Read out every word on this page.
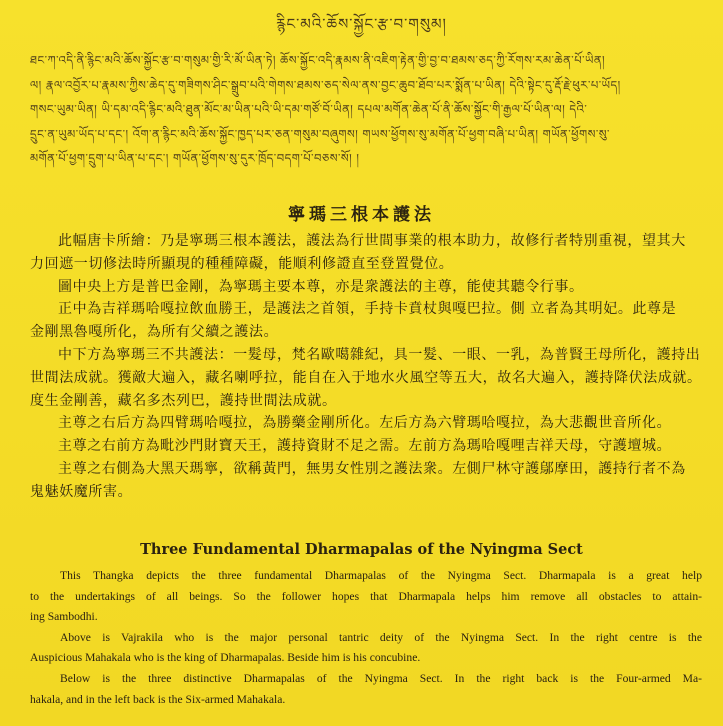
རྙིང་མའི་ཆོས་སྐྱོང་རྩ་བ་གསུམ།
ཐང་ཀ་འདི་ནི་རྙིང་མའི་ཆོས་སྐྱོང་རྩ་བ་གསུམ་གྱི་རི་མོ་ཡིན་ཏེ། ཆོས་སྐྱོང་འདི་རྣམས་ནི་འཇིག་རྟེན་གྱི་བྱ་བ་ཐམས་ཅད་ཀྱི་རོགས་རམ་ཆེན་པོ་ཡིན།
ལ། རྣལ་འབྱོར་པ་རྣམས་ཀྱིས་ཆེད་དུ་གཟིགས་ཤིང་སྒྲུབ་པའི་གེགས་ཐམས་ཅད་སེལ་ནས་བྱང་ཆུབ་ཐོབ་པར་སྨོན་པ་ཡིན། དེའི་སྟེང་དུ་རྡོ་རྗེ་ཕུར་པ་ཡོད།
གསང་ཡུམ་ཡིན། ཡི་དམ་འདི་རྙིང་མའི་ཐུན་མོང་མ་ཡིན་པའི་ཡི་དམ་གཙོ་བོ་ཡིན། དཔལ་མགོན་ཆེན་པོ་ནི་ཆོས་སྐྱོང་གི་རྒྱལ་པོ་ཡིན་ལ། དེའི་
དྲུང་ན་ཡུམ་ཡོད་པ་དང་། འོག་ན་རྙིང་མའི་ཆོས་སྐྱོང་ཁྱད་པར་ཅན་གསུམ་བཞུགས། གཡས་ཕྱོགས་སུ་མགོན་པོ་ཕྱག་བཞི་པ་ཡིན། གཡོན་ཕྱོགས་སུ་
མགོན་པོ་ཕྱག་དྲུག་པ་ཡིན་པ་དང་། གཡོན་ཕྱོགས་སུ་དུར་ཁྲོད་བདག་པོ་བཅས་སོ། །
寧瑪三根本護法
此幅唐卡所繪：乃是寧瑪三根本護法，護法為行世間事業的根本助力，故修行者特別重視，望其大
力回遮一切修法時所顯現的種種障礙，能順利修證直至登置覺位。
圖中央上方是普巴金剛，為寧瑪主要本尊，亦是衆護法的主尊，能使其聽令行事。
正中為吉祥瑪哈嘎拉飲血勝王，是護法之首領，手持卡賁杖與嘎巴拉。側 立者為其明妃。此尊是
金剛黑魯嘎所化，為所有父續之護法。
中下方為寧瑪三不共護法：一髮母，梵名歐噶雜紀，具一髮、一眼、一乳，為普賢王母所化，護持出
世間法成就。獲敵大遍入，藏名喇呼拉，能自在入于地水火風空等五大，故名大遍入，護持降伏法成就。
度生金剛善，藏名多杰列巴，護持世間法成就。
主尊之右后方為四臂瑪哈嘎拉，為勝藥金剛所化。左后方為六臂瑪哈嘎拉，為大悲觀世音所化。
主尊之右前方為毗沙門財寶天王，護持資財不足之需。左前方為瑪哈嘎哩吉祥天母，守護壇城。
主尊之右側為大黑天瑪寧，欲稱黃門，無男女性別之護法衆。左側尸林守護鄔摩田，護持行者不為
鬼魅妖魔所害。
Three Fundamental Dharmapalas of the Nyingma Sect
This Thangka depicts the three fundamental Dharmapalas of the Nyingma Sect. Dharmapala is a great help
to the undertakings of all beings. So the follower hopes that Dharmapala helps him remove all obstacles to attain-
ing Sambodhi.
Above is Vajrakila who is the major personal tantric deity of the Nyingma Sect. In the right centre is the
Auspicious Mahakala who is the king of Dharmapalas. Beside him is his concubine.
Below is the three distinctive Dharmapalas of the Nyingma Sect. In the right back is the Four-armed Ma-
hakala, and in the left back is the Six-armed Mahakala.
